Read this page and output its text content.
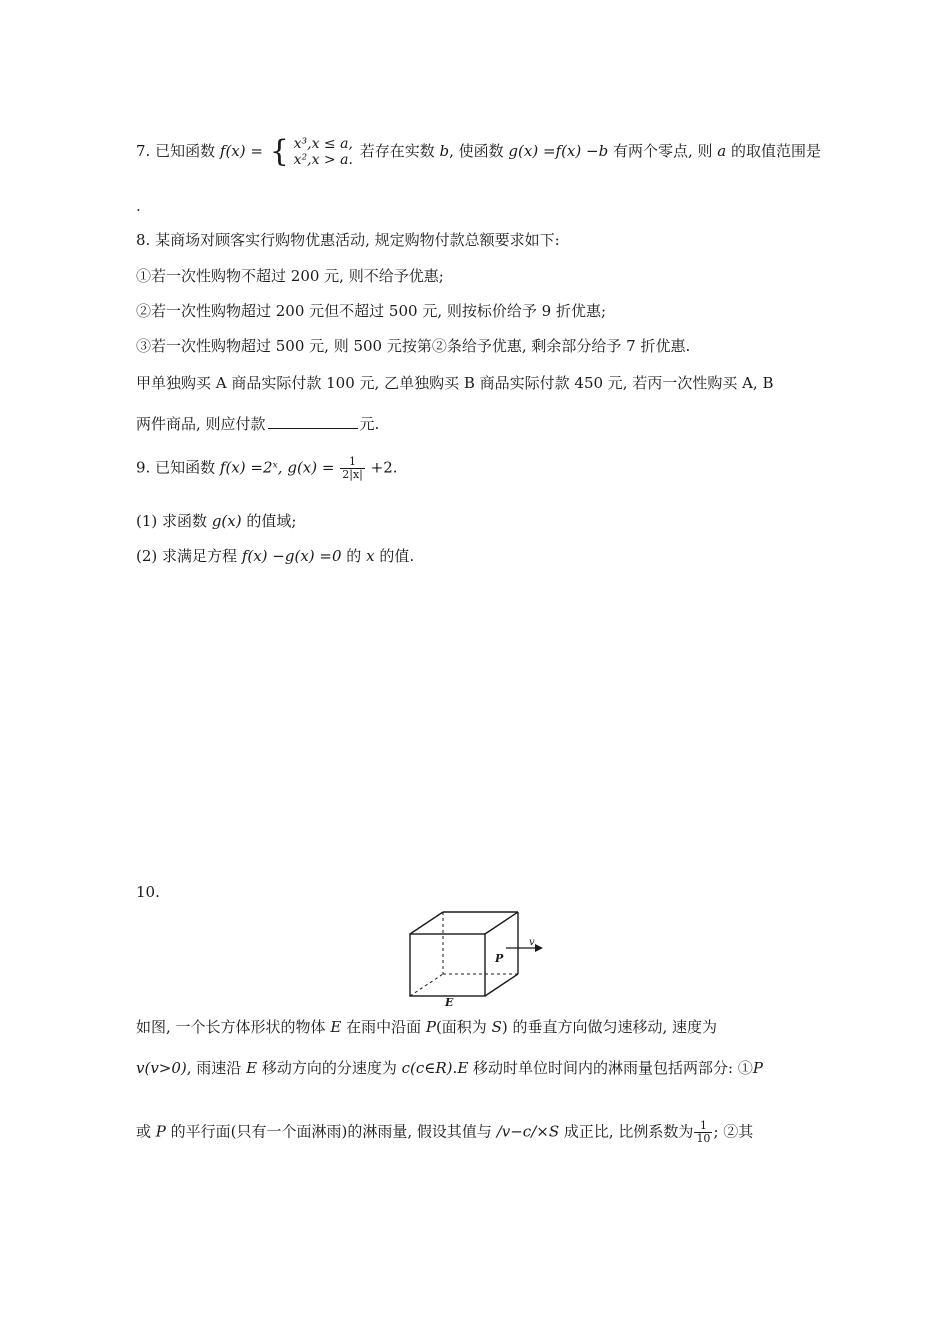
7. 已知函数 f(x) = { x³,x ≤ a,
x²,x > a. 若存在实数 b, 使函数 g(x) =f(x) −b 有两个零点, 则 a 的取值范围是
.
8. 某商场对顾客实行购物优惠活动, 规定购物付款总额要求如下:
①若一次性购物不超过 200 元, 则不给予优惠;
②若一次性购物超过 200 元但不超过 500 元, 则按标价给予 9 折优惠;
③若一次性购物超过 500 元, 则 500 元按第②条给予优惠, 剩余部分给予 7 折优惠.
甲单独购买 A 商品实际付款 100 元, 乙单独购买 B 商品实际付款 450 元, 若丙一次性购买 A, B
两件商品, 则应付款	元.
9. 已知函数 f(x) =2ˣ, $g(x) = \frac{1}{2|x|} +2$.
(1) 求函数 g(x) 的值域;
(2) 求满足方程 f(x) −g(x) =0 的 x 的值.
10.
v
P
E
如图, 一个长方体形状的物体 E 在雨中沿面 P(面积为 S) 的垂直方向做匀速移动, 速度为
v(v>0), 雨速沿 E 移动方向的分速度为 c(c∈R).E 移动时单位时间内的淋雨量包括两部分: ①P
或 P 的平行面(只有一个面淋雨)的淋雨量, 假设其值与 /v−c/×S 成正比, 比例系数为 $\frac{1}{10}$ ; ②其
